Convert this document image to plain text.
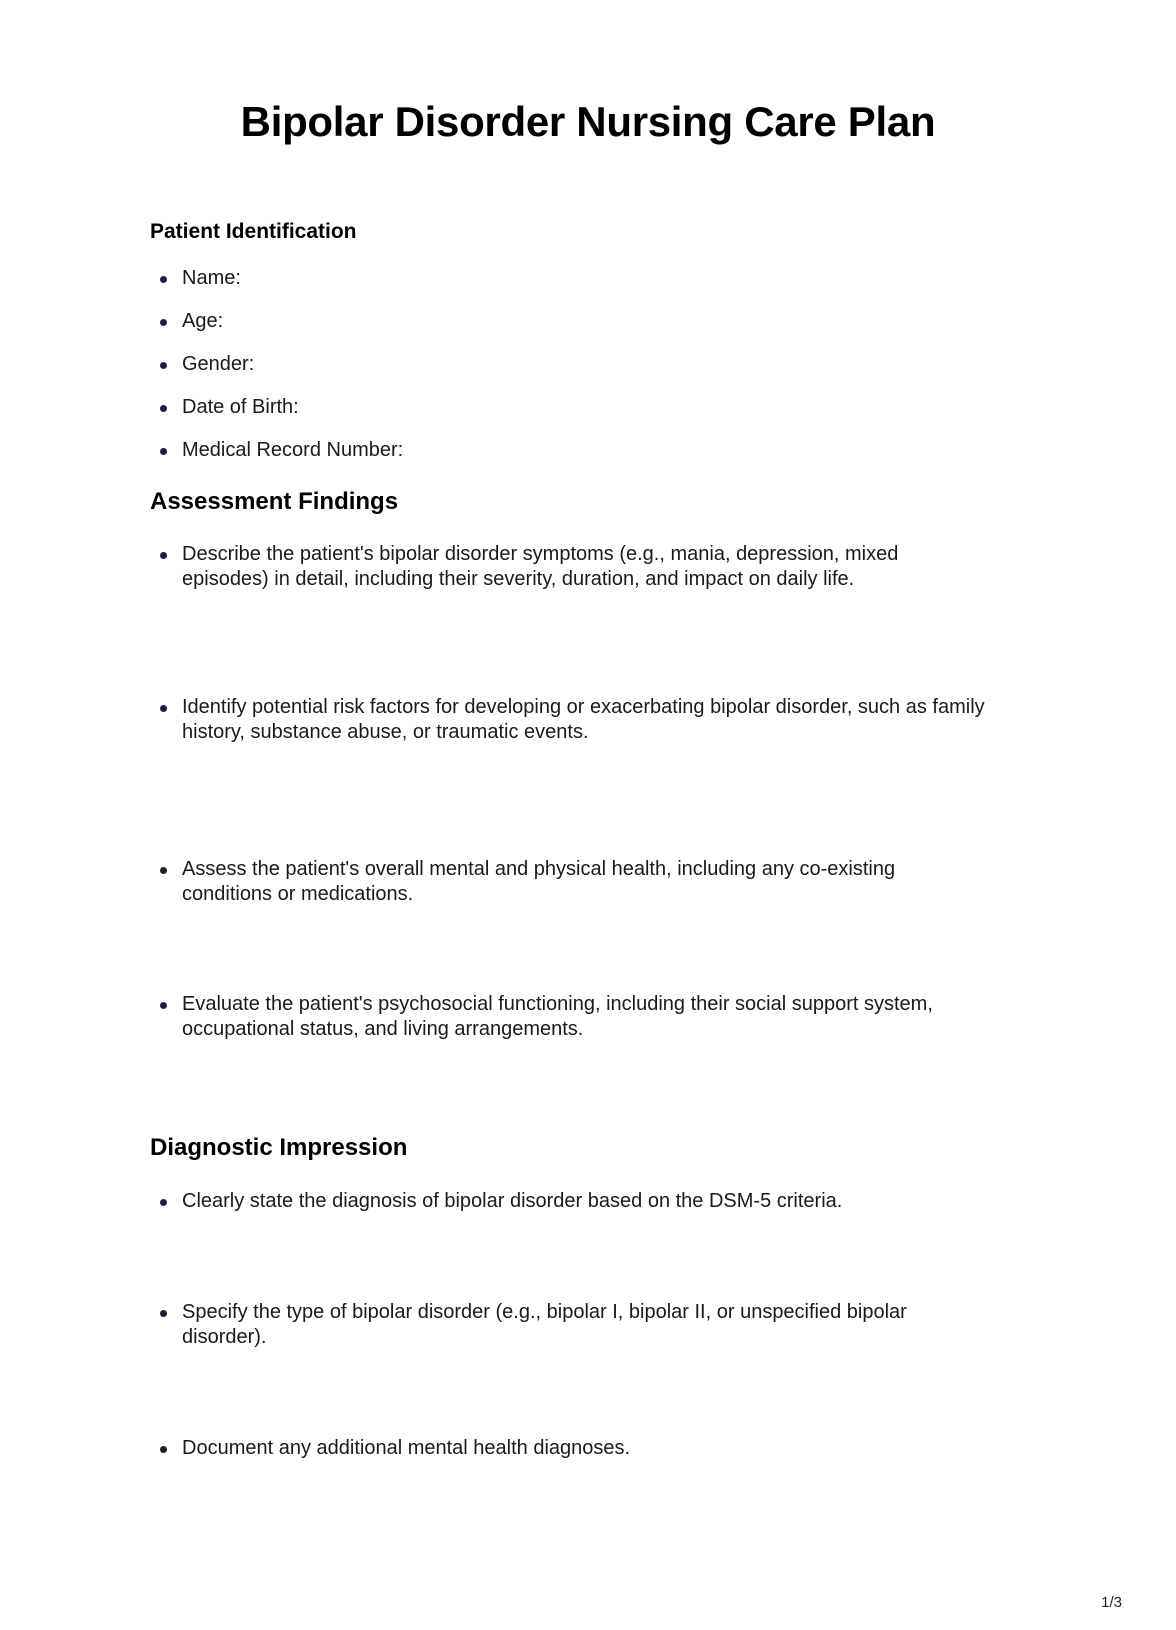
Bipolar Disorder Nursing Care Plan
Patient Identification
Name:
Age:
Gender:
Date of Birth:
Medical Record Number:
Assessment Findings
Describe the patient's bipolar disorder symptoms (e.g., mania, depression, mixed episodes) in detail, including their severity, duration, and impact on daily life.
Identify potential risk factors for developing or exacerbating bipolar disorder, such as family history, substance abuse, or traumatic events.
Assess the patient's overall mental and physical health, including any co-existing conditions or medications.
Evaluate the patient's psychosocial functioning, including their social support system, occupational status, and living arrangements.
Diagnostic Impression
Clearly state the diagnosis of bipolar disorder based on the DSM-5 criteria.
Specify the type of bipolar disorder (e.g., bipolar I, bipolar II, or unspecified bipolar disorder).
Document any additional mental health diagnoses.
1/3
